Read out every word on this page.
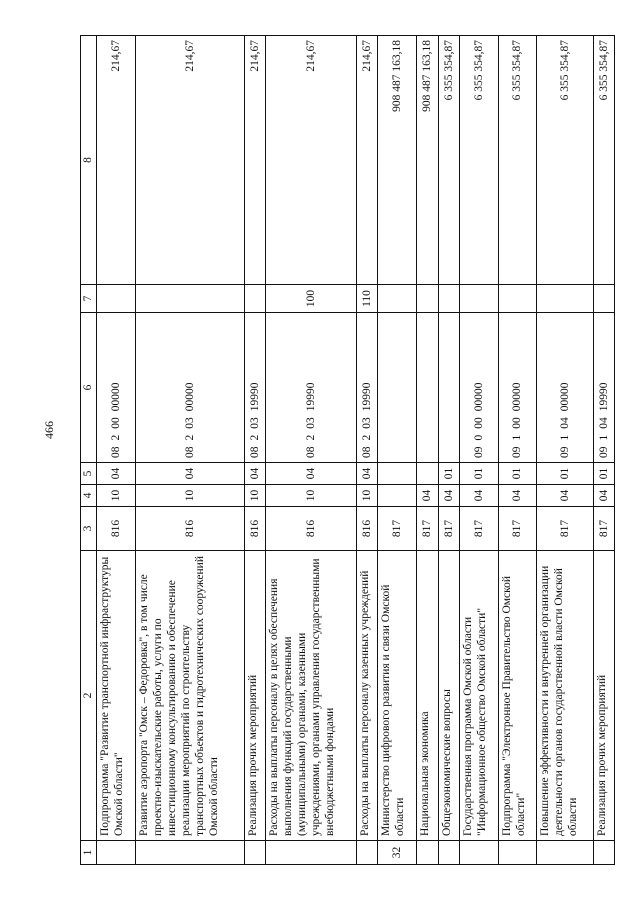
466
1	2	3	4	5	6	7	8
	Подпрограмма "Развитие транспортной инфраструктуры Омской области"	816	10	04	0820000000		214,67
	Развитие аэропорта "Омск – Федоровка", в том числе проектно-изыскательские работы, услуги по инвестиционному консультированию и обеспечение реализации мероприятий по строительству транспортных объектов и гидротехнических сооружений Омской области	816	10	04	0820300000		214,67
	Реализация прочих мероприятий	816	10	04	0820319990		214,67
	Расходы на выплаты персоналу в целях обеспечения выполнения функций государственными (муниципальными) органами, казенными учреждениями, органами управления государственными внебюджетными фондами	816	10	04	0820319990	100	214,67
	Расходы на выплаты персоналу казенных учреждений	816	10	04	0820319990	110	214,67
32	Министерство цифрового развития и связи Омской области	817					908 487 163,18
	Национальная экономика	817	04				908 487 163,18
	Общеэкономические вопросы	817	04	01			6 355 354,87
	Государственная программа Омской области "Информационное общество Омской области"	817	04	01	0900000000		6 355 354,87
	Подпрограмма "Электронное Правительство Омской области"	817	04	01	0910000000		6 355 354,87
	Повышение эффективности и внутренней организации деятельности органов государственной власти Омской области	817	04	01	0910400000		6 355 354,87
	Реализация прочих мероприятий	817	04	01	0910419990		6 355 354,87
